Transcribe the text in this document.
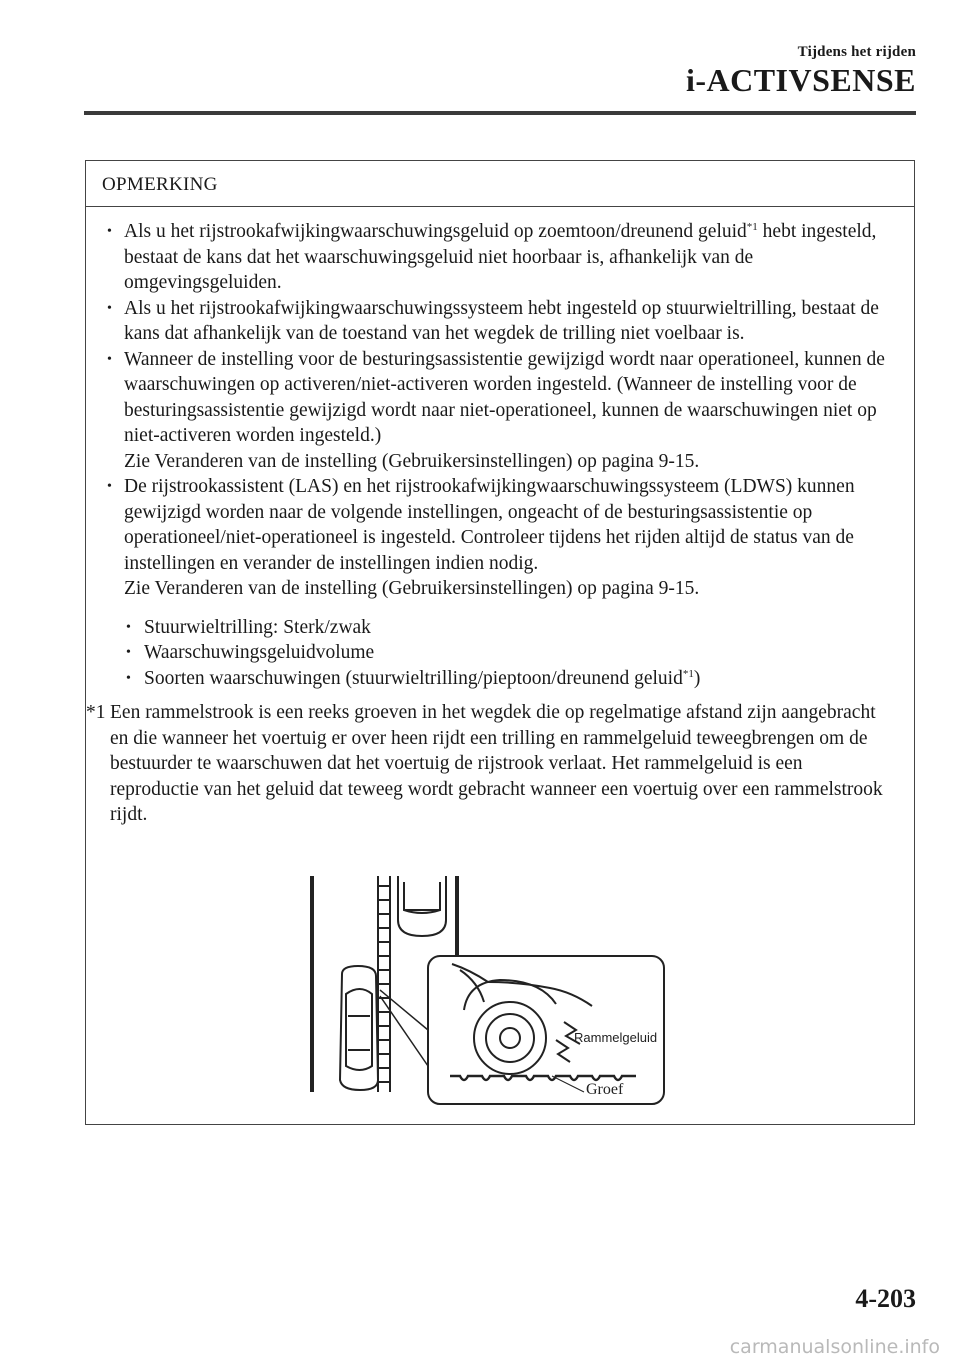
Tijdens het rijden
i-ACTIVSENSE
OPMERKING
• Als u het rijstrookafwijkingwaarschuwingsgeluid op zoemtoon/dreunend geluid$^{*1}$ hebt ingesteld, bestaat de kans dat het waarschuwingsgeluid niet hoorbaar is, afhankelijk van de omgevingsgeluiden.
• Als u het rijstrookafwijkingwaarschuwingssysteem hebt ingesteld op stuurwieltrilling, bestaat de kans dat afhankelijk van de toestand van het wegdek de trilling niet voelbaar is.
• Wanneer de instelling voor de besturingsassistentie gewijzigd wordt naar operationeel, kunnen de waarschuwingen op activeren/niet-activeren worden ingesteld. (Wanneer de instelling voor de besturingsassistentie gewijzigd wordt naar niet-operationeel, kunnen de waarschuwingen niet op niet-activeren worden ingesteld.)
Zie Veranderen van de instelling (Gebruikersinstellingen) op pagina 9-15.
• De rijstrookassistent (LAS) en het rijstrookafwijkingwaarschuwingssysteem (LDWS) kunnen gewijzigd worden naar de volgende instellingen, ongeacht of de besturingsassistentie op operationeel/niet-operationeel is ingesteld. Controleer tijdens het rijden altijd de status van de instellingen en verander de instellingen indien nodig.
Zie Veranderen van de instelling (Gebruikersinstellingen) op pagina 9-15.
• Stuurwieltrilling: Sterk/zwak
• Waarschuwingsgeluidvolume
• Soorten waarschuwingen (stuurwieltrilling/pieptoon/dreunend geluid$^{*1}$)
*1 Een rammelstrook is een reeks groeven in het wegdek die op regelmatige afstand zijn aangebracht en die wanneer het voertuig er over heen rijdt een trilling en rammelgeluid teweegbrengen om de bestuurder te waarschuwen dat het voertuig de rijstrook verlaat. Het rammelgeluid is een reproductie van het geluid dat teweeg wordt gebracht wanneer een voertuig over een rammelstrook rijdt.
Rammelgeluid
Groef
4-203
carmanualsonline.info
